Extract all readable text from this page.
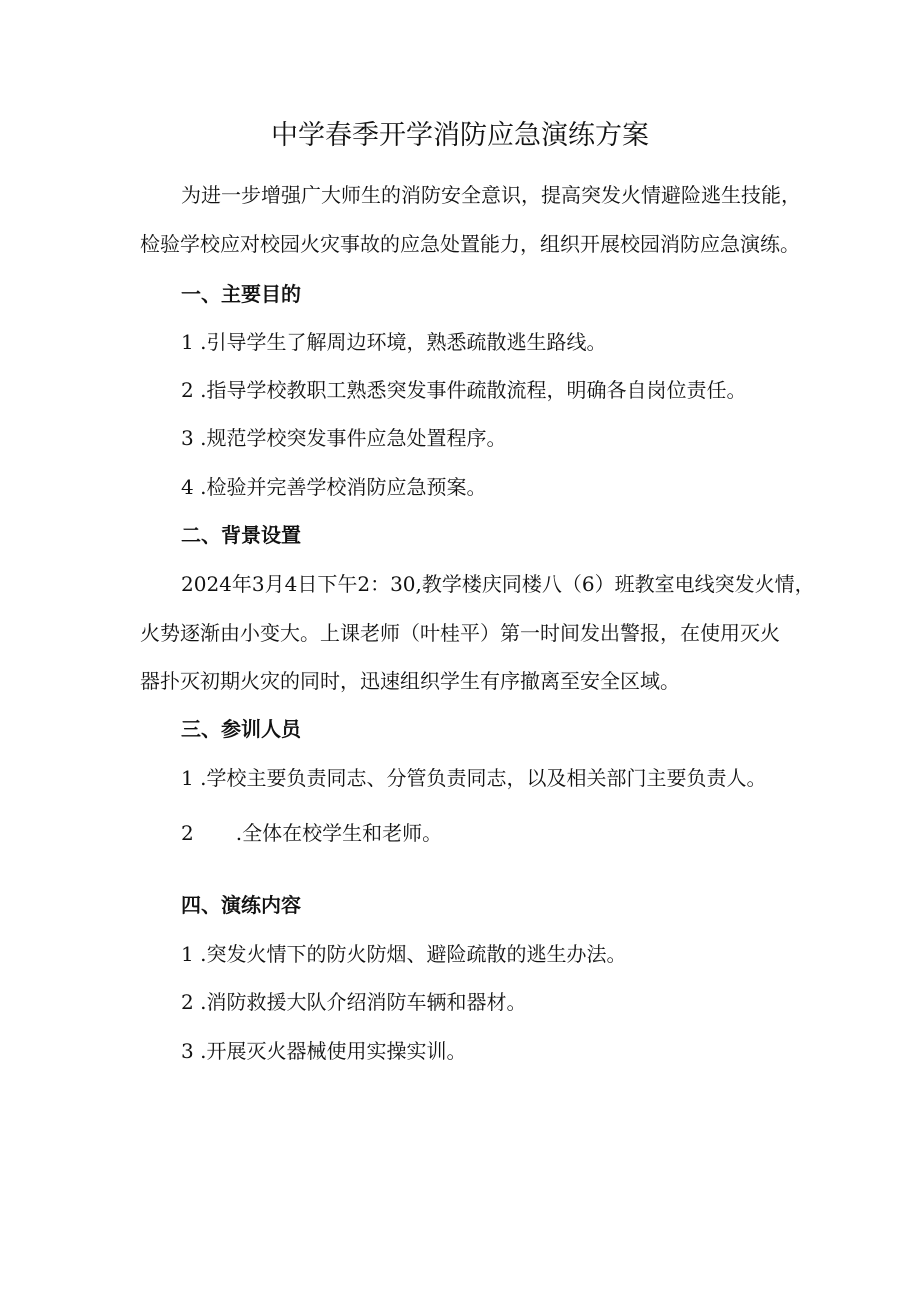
中学春季开学消防应急演练方案
为进一步增强广大师生的消防安全意识，提高突发火情避险逃生技能，
检验学校应对校园火灾事故的应急处置能力，组织开展校园消防应急演练。
一、主要目的
1 .引导学生了解周边环境，熟悉疏散逃生路线。
2 .指导学校教职工熟悉突发事件疏散流程，明确各自岗位责任。
3 .规范学校突发事件应急处置程序。
4 .检验并完善学校消防应急预案。
二、背景设置
2024年3月4日下午2：30,教学楼庆同楼八（6）班教室电线突发火情，
火势逐渐由小变大。上课老师（叶桂平）第一时间发出警报，在使用灭火
器扑灭初期火灾的同时，迅速组织学生有序撤离至安全区域。
三、参训人员
1 .学校主要负责同志、分管负责同志，以及相关部门主要负责人。
2 .全体在校学生和老师。
四、演练内容
1 .突发火情下的防火防烟、避险疏散的逃生办法。
2 .消防救援大队介绍消防车辆和器材。
3 .开展灭火器械使用实操实训。
